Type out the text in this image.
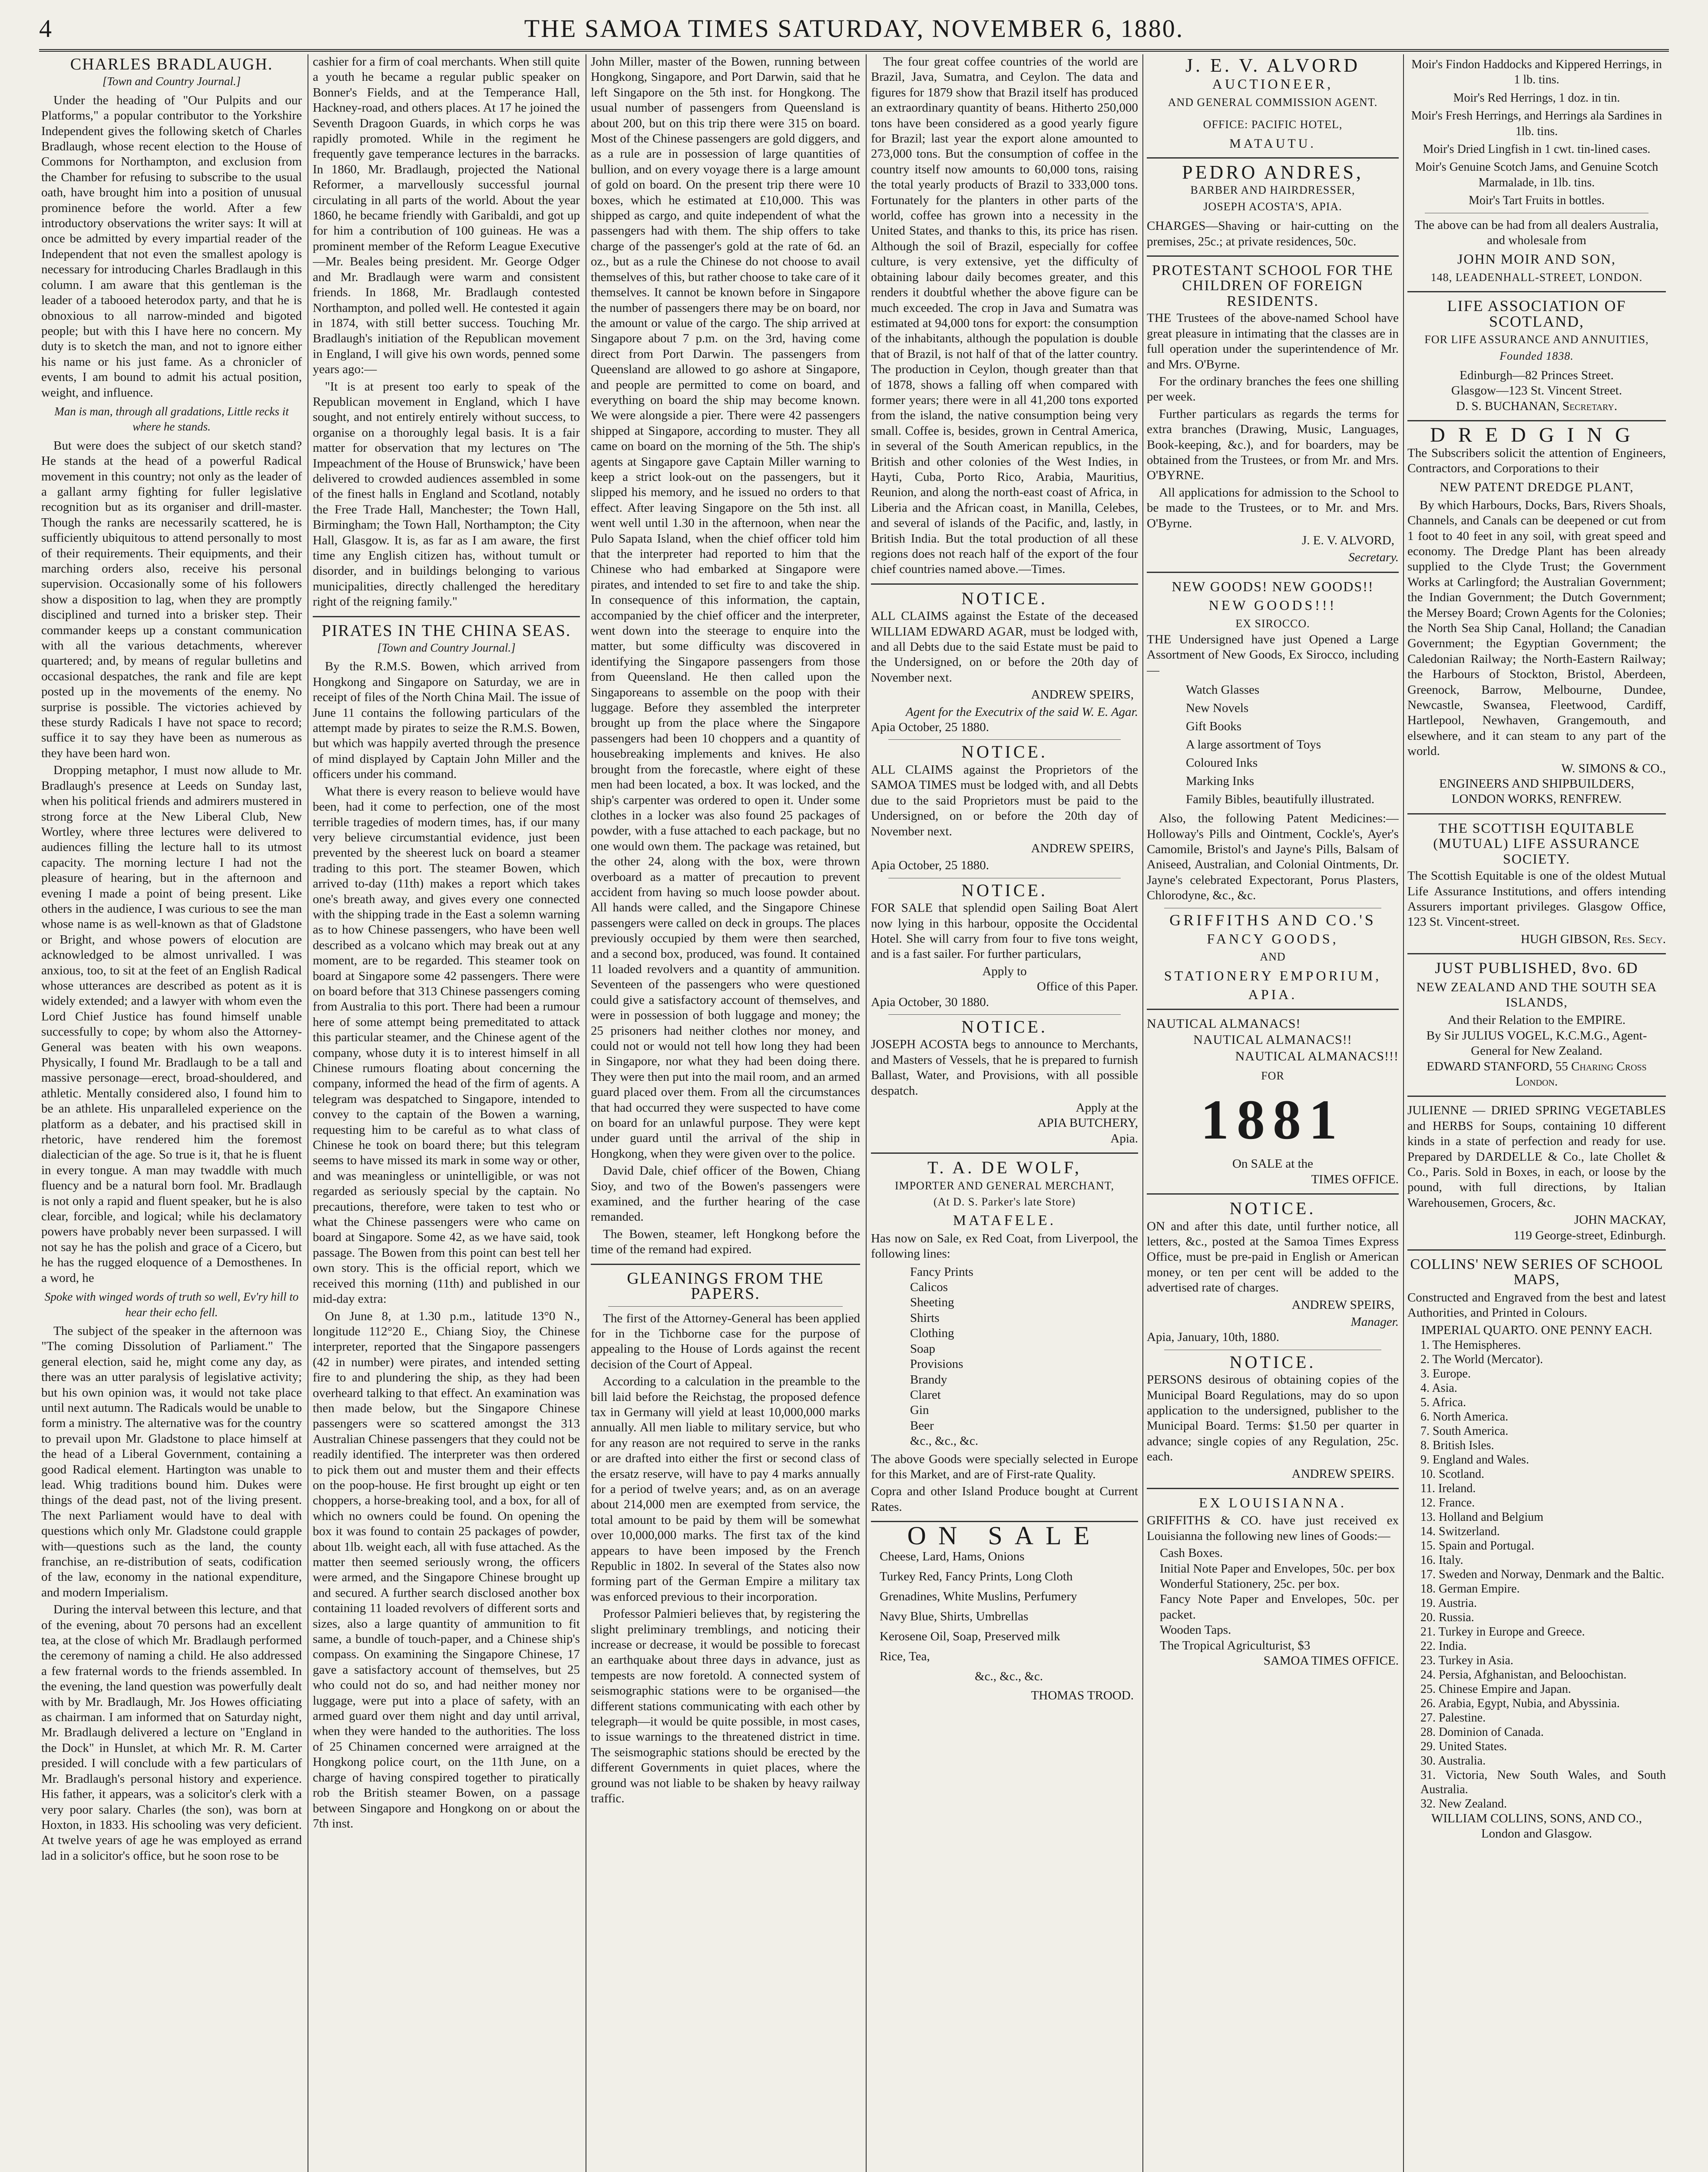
4	THE SAMOA TIMES SATURDAY, NOVEMBER 6, 1880.
CHARLES BRADLAUGH.
[Town and Country Journal.]

Under the heading of "Our Pulpits and our Platforms," a popular contributor to the Yorkshire Independent gives the following sketch of Charles Bradlaugh, whose recent election to the House of Commons for Northampton, and exclusion from the Chamber for refusing to subscribe to the usual oath, have brought him into a position of unusual prominence before the world. After a few introductory observations the writer says: It will at once be admitted by every impartial reader of the Independent that not even the smallest apology is necessary for introducing Charles Bradlaugh in this column. I am aware that this gentleman is the leader of a tabooed heterodox party, and that he is obnoxious to all narrow-minded and bigoted people; but with this I have here no concern. My duty is to sketch the man, and not to ignore either his name or his just fame. As a chronicler of events, I am bound to admit his actual position, weight, and influence.

Man is man, through all gradations, Little recks it where he stands.

But were does the subject of our sketch stand? He stands at the head of a powerful Radical movement in this country; not only as the leader of a gallant army fighting for fuller legislative recognition but as its organiser and drill-master. Though the ranks are necessarily scattered, he is sufficiently ubiquitous to attend personally to most of their requirements. Their equipments, and their marching orders also, receive his personal supervision. Occasionally some of his followers show a disposition to lag, when they are promptly disciplined and turned into a brisker step. Their commander keeps up a constant communication with all the various detachments, wherever quartered; and, by means of regular bulletins and occasional despatches, the rank and file are kept posted up in the movements of the enemy. No surprise is possible. The victories achieved by these sturdy Radicals I have not space to record; suffice it to say they have been as numerous as they have been hard won.

Dropping metaphor, I must now allude to Mr. Bradlaugh's presence at Leeds on Sunday last, when his political friends and admirers mustered in strong force at the New Liberal Club, New Wortley, where three lectures were delivered to audiences filling the lecture hall to its utmost capacity. The morning lecture I had not the pleasure of hearing, but in the afternoon and evening I made a point of being present. Like others in the audience, I was curious to see the man whose name is as well-known as that of Gladstone or Bright, and whose powers of elocution are acknowledged to be almost unrivalled. I was anxious, too, to sit at the feet of an English Radical whose utterances are described as potent as it is widely extended; and a lawyer with whom even the Lord Chief Justice has found himself unable successfully to cope; by whom also the Attorney-General was beaten with his own weapons. Physically, I found Mr. Bradlaugh to be a tall and massive personage—erect, broad-shouldered, and athletic. Mentally considered also, I found him to be an athlete. His unparalleled experience on the platform as a debater, and his practised skill in rhetoric, have rendered him the foremost dialectician of the age. So true is it, that he is fluent in every tongue. A man may twaddle with much fluency and be a natural born fool. Mr. Bradlaugh is not only a rapid and fluent speaker, but he is also clear, forcible, and logical; while his declamatory powers have probably never been surpassed. I will not say he has the polish and grace of a Cicero, but he has the rugged eloquence of a Demosthenes. In a word, he

Spoke with winged words of truth so well, Ev'ry hill to hear their echo fell.

The subject of the speaker in the afternoon was "The coming Dissolution of Parliament." The general election, said he, might come any day, as there was an utter paralysis of legislative activity; but his own opinion was, it would not take place until next autumn. The Radicals would be unable to form a ministry. The alternative was for the country to prevail upon Mr. Gladstone to place himself at the head of a Liberal Government, containing a good Radical element. Hartington was unable to lead. Whig traditions bound him. Dukes were things of the dead past, not of the living present. The next Parliament would have to deal with questions which only Mr. Gladstone could grapple with—questions such as the land, the county franchise, an re-distribution of seats, codification of the law, economy in the national expenditure, and modern Imperialism.

During the interval between this lecture, and that of the evening, about 70 persons had an excellent tea, at the close of which Mr. Bradlaugh performed the ceremony of naming a child. He also addressed a few fraternal words to the friends assembled. In the evening, the land question was powerfully dealt with by Mr. Bradlaugh, Mr. Jos Howes officiating as chairman. I am informed that on Saturday night, Mr. Bradlaugh delivered a lecture on "England in the Dock" in Hunslet, at which Mr. R. M. Carter presided. I will conclude with a few particulars of Mr. Bradlaugh's personal history and experience. His father, it appears, was a solicitor's clerk with a very poor salary. Charles (the son), was born at Hoxton, in 1833. His schooling was very deficient. At twelve years of age he was employed as errand lad in a solicitor's office, but he soon rose to be

cashier for a firm of coal merchants. When still quite a youth he became a regular public speaker on Bonner's Fields, and at the Temperance Hall, Hackney-road, and others places. At 17 he joined the Seventh Dragoon Guards, in which corps he was rapidly promoted. While in the regiment he frequently gave temperance lectures in the barracks. In 1860, Mr. Bradlaugh, projected the National Reformer, a marvellously successful journal circulating in all parts of the world. About the year 1860, he became friendly with Garibaldi, and got up for him a contribution of 100 guineas. He was a prominent member of the Reform League Executive—Mr. Beales being president. Mr. George Odger and Mr. Bradlaugh were warm and consistent friends. In 1868, Mr. Bradlaugh contested Northampton, and polled well. He contested it again in 1874, with still better success. Touching Mr. Bradlaugh's initiation of the Republican movement in England, I will give his own words, penned some years ago:—

"It is at present too early to speak of the Republican movement in England, which I have sought, and not entirely entirely without success, to organise on a thoroughly legal basis. It is a fair matter for observation that my lectures on 'The Impeachment of the House of Brunswick,' have been delivered to crowded audiences assembled in some of the finest halls in England and Scotland, notably the Free Trade Hall, Manchester; the Town Hall, Birmingham; the Town Hall, Northampton; the City Hall, Glasgow. It is, as far as I am aware, the first time any English citizen has, without tumult or disorder, and in buildings belonging to various municipalities, directly challenged the hereditary right of the reigning family."

PIRATES IN THE CHINA SEAS.
[Town and Country Journal.]

By the R.M.S. Bowen, which arrived from Hongkong and Singapore on Saturday, we are in receipt of files of the North China Mail. The issue of June 11 contains the following particulars of the attempt made by pirates to seize the R.M.S. Bowen, but which was happily averted through the presence of mind displayed by Captain John Miller and the officers under his command.

What there is every reason to believe would have been, had it come to perfection, one of the most terrible tragedies of modern times, has, if our many very believe circumstantial evidence, just been prevented by the sheerest luck on board a steamer trading to this port. The steamer Bowen, which arrived to-day (11th) makes a report which takes one's breath away, and gives every one connected with the shipping trade in the East a solemn warning as to how Chinese passengers, who have been well described as a volcano which may break out at any moment, are to be regarded. This steamer took on board at Singapore some 42 passengers. There were on board before that 313 Chinese passengers coming from Australia to this port. There had been a rumour here of some attempt being premeditated to attack this particular steamer, and the Chinese agent of the company, whose duty it is to interest himself in all Chinese rumours floating about concerning the company, informed the head of the firm of agents. A telegram was despatched to Singapore, intended to convey to the captain of the Bowen a warning, requesting him to be careful as to what class of Chinese he took on board there; but this telegram seems to have missed its mark in some way or other, and was meaningless or unintelligible, or was not regarded as seriously special by the captain. No precautions, therefore, were taken to test who or what the Chinese passengers were who came on board at Singapore. Some 42, as we have said, took passage. The Bowen from this point can best tell her own story. This is the official report, which we received this morning (11th) and published in our mid-day extra:

On June 8, at 1.30 p.m., latitude 13°0 N., longitude 112°20 E., Chiang Sioy, the Chinese interpreter, reported that the Singapore passengers (42 in number) were pirates, and intended setting fire to and plundering the ship, as they had been overheard talking to that effect. An examination was then made below, but the Singapore Chinese passengers were so scattered amongst the 313 Australian Chinese passengers that they could not be readily identified. The interpreter was then ordered to pick them out and muster them and their effects on the poop-house. He first brought up eight or ten choppers, a horse-breaking tool, and a box, for all of which no owners could be found. On opening the box it was found to contain 25 packages of powder, about 1lb. weight each, all with fuse attached. As the matter then seemed seriously wrong, the officers were armed, and the Singapore Chinese brought up and secured. A further search disclosed another box containing 11 loaded revolvers of different sorts and sizes, also a large quantity of ammunition to fit same, a bundle of touch-paper, and a Chinese ship's compass. On examining the Singapore Chinese, 17 gave a satisfactory account of themselves, but 25 who could not do so, and had neither money nor luggage, were put into a place of safety, with an armed guard over them night and day until arrival, when they were handed to the authorities. The loss of 25 Chinamen concerned were arraigned at the Hongkong police court, on the 11th June, on a charge of having conspired together to piratically rob the British steamer Bowen, on a passage between Singapore and Hongkong on or about the 7th inst.

John Miller, master of the Bowen, running between Hongkong, Singapore, and Port Darwin, said that he left Singapore on the 5th inst. for Hongkong. The usual number of passengers from Queensland is about 200, but on this trip there were 315 on board. Most of the Chinese passengers are gold diggers, and as a rule are in possession of large quantities of bullion, and on every voyage there is a large amount of gold on board. On the present trip there were 10 boxes, which he estimated at £10,000. This was shipped as cargo, and quite independent of what the passengers had with them. The ship offers to take charge of the passenger's gold at the rate of 6d. an oz., but as a rule the Chinese do not choose to avail themselves of this, but rather choose to take care of it themselves. It cannot be known before in Singapore the number of passengers there may be on board, nor the amount or value of the cargo. The ship arrived at Singapore about 7 p.m. on the 3rd, having come direct from Port Darwin. The passengers from Queensland are allowed to go ashore at Singapore, and people are permitted to come on board, and everything on board the ship may become known. We were alongside a pier. There were 42 passengers shipped at Singapore, according to muster. They all came on board on the morning of the 5th. The ship's agents at Singapore gave Captain Miller warning to keep a strict look-out on the passengers, but it slipped his memory, and he issued no orders to that effect. After leaving Singapore on the 5th inst. all went well until 1.30 in the afternoon, when near the Pulo Sapata Island, when the chief officer told him that the interpreter had reported to him that the Chinese who had embarked at Singapore were pirates, and intended to set fire to and take the ship. In consequence of this information, the captain, accompanied by the chief officer and the interpreter, went down into the steerage to enquire into the matter, but some difficulty was discovered in identifying the Singapore passengers from those from Queensland. He then called upon the Singaporeans to assemble on the poop with their luggage. Before they assembled the interpreter brought up from the place where the Singapore passengers had been 10 choppers and a quantity of housebreaking implements and knives. He also brought from the forecastle, where eight of these men had been located, a box. It was locked, and the ship's carpenter was ordered to open it. Under some clothes in a locker was also found 25 packages of powder, with a fuse attached to each package, but no one would own them. The package was retained, but the other 24, along with the box, were thrown overboard as a matter of precaution to prevent accident from having so much loose powder about. All hands were called, and the Singapore Chinese passengers were called on deck in groups. The places previously occupied by them were then searched, and a second box, produced, was found. It contained 11 loaded revolvers and a quantity of ammunition. Seventeen of the passengers who were questioned could give a satisfactory account of themselves, and were in possession of both luggage and money; the 25 prisoners had neither clothes nor money, and could not or would not tell how long they had been in Singapore, nor what they had been doing there. They were then put into the mail room, and an armed guard placed over them. From all the circumstances that had occurred they were suspected to have come on board for an unlawful purpose. They were kept under guard until the arrival of the ship in Hongkong, when they were given over to the police.

David Dale, chief officer of the Bowen, Chiang Sioy, and two of the Bowen's passengers were examined, and the further hearing of the case remanded.

The Bowen, steamer, left Hongkong before the time of the remand had expired.

GLEANINGS FROM THE PAPERS.

The first of the Attorney-General has been applied for in the Tichborne case for the purpose of appealing to the House of Lords against the recent decision of the Court of Appeal.

According to a calculation in the preamble to the bill laid before the Reichstag, the proposed defence tax in Germany will yield at least 10,000,000 marks annually. All men liable to military service, but who for any reason are not required to serve in the ranks or are drafted into either the first or second class of the ersatz reserve, will have to pay 4 marks annually for a period of twelve years; and, as on an average about 214,000 men are exempted from service, the total amount to be paid by them will be somewhat over 10,000,000 marks. The first tax of the kind appears to have been imposed by the French Republic in 1802. In several of the States also now forming part of the German Empire a military tax was enforced previous to their incorporation.

Professor Palmieri believes that, by registering the slight preliminary tremblings, and noticing their increase or decrease, it would be possible to forecast an earthquake about three days in advance, just as tempests are now foretold. A connected system of seismographic stations were to be organised—the different stations communicating with each other by telegraph—it would be quite possible, in most cases, to issue warnings to the threatened district in time. The seismographic stations should be erected by the different Governments in quiet places, where the ground was not liable to be shaken by heavy railway traffic.

The four great coffee countries of the world are Brazil, Java, Sumatra, and Ceylon. The data and figures for 1879 show that Brazil itself has produced an extraordinary quantity of beans. Hitherto 250,000 tons have been considered as a good yearly figure for Brazil; last year the export alone amounted to 273,000 tons. But the consumption of coffee in the country itself now amounts to 60,000 tons, raising the total yearly products of Brazil to 333,000 tons. Fortunately for the planters in other parts of the world, coffee has grown into a necessity in the United States, and thanks to this, its price has risen. Although the soil of Brazil, especially for coffee culture, is very extensive, yet the difficulty of obtaining labour daily becomes greater, and this renders it doubtful whether the above figure can be much exceeded. The crop in Java and Sumatra was estimated at 94,000 tons for export: the consumption of the inhabitants, although the population is double that of Brazil, is not half of that of the latter country. The production in Ceylon, though greater than that of 1878, shows a falling off when compared with former years; there were in all 41,200 tons exported from the island, the native consumption being very small. Coffee is, besides, grown in Central America, in several of the South American republics, in the British and other colonies of the West Indies, in Hayti, Cuba, Porto Rico, Arabia, Mauritius, Reunion, and along the north-east coast of Africa, in Liberia and the African coast, in Manilla, Celebes, and several of islands of the Pacific, and, lastly, in British India. But the total production of all these regions does not reach half of the export of the four chief countries named above.—Times.

NOTICE.

ALL CLAIMS against the Estate of the deceased WILLIAM EDWARD AGAR, must be lodged with, and all Debts due to the said Estate must be paid to the Undersigned, on or before the 20th day of November next.

ANDREW SPEIRS,
Agent for the Executrix of the said W. E. Agar.
Apia October, 25 1880.
NOTICE.

ALL CLAIMS against the Proprietors of the SAMOA TIMES must be lodged with, and all Debts due to the said Proprietors must be paid to the Undersigned, on or before the 20th day of November next.

ANDREW SPEIRS,
Apia October, 25 1880.
NOTICE.

FOR SALE that splendid open Sailing Boat Alert now lying in this harbour, opposite the Occidental Hotel. She will carry from four to five tons weight, and is a fast sailer. For further particulars,

Apply to
Office of this Paper.
Apia October, 30 1880.
NOTICE.

JOSEPH ACOSTA begs to announce to Merchants, and Masters of Vessels, that he is prepared to furnish Ballast, Water, and Provisions, with all possible despatch.

Apply at the
APIA BUTCHERY,
Apia.
T. A. DE WOLF,
IMPORTER AND GENERAL MERCHANT,
(At D. S. Parker's late Store)
MATAFELE.

Has now on Sale, ex Red Coat, from Liverpool, the following lines:

Fancy Prints
Calicos
Sheeting
Shirts
Clothing
Soap
Provisions
Brandy
Claret
Gin
Beer
&c., &c., &c.

The above Goods were specially selected in Europe for this Market, and are of First-rate Quality.

Copra and other Island Produce bought at Current Rates.

ON SALE
Cheese, Lard, Hams, Onions
Turkey Red, Fancy Prints, Long Cloth
Grenadines, White Muslins, Perfumery
Navy Blue, Shirts, Umbrellas
Kerosene Oil, Soap, Preserved milk
Rice, Tea,
&c., &c., &c.
THOMAS TROOD.
J. E. V. ALVORD
AUCTIONEER,
AND GENERAL COMMISSION AGENT.
OFFICE: PACIFIC HOTEL,
MATAUTU.
PEDRO ANDRES,
BARBER AND HAIRDRESSER,
JOSEPH ACOSTA'S, APIA.

CHARGES—Shaving or hair-cutting on the premises, 25c.; at private residences, 50c.

PROTESTANT SCHOOL FOR THE CHILDREN OF FOREIGN RESIDENTS.

THE Trustees of the above-named School have great pleasure in intimating that the classes are in full operation under the superintendence of Mr. and Mrs. O'Byrne.

For the ordinary branches the fees one shilling per week.

Further particulars as regards the terms for extra branches (Drawing, Music, Languages, Book-keeping, &c.), and for boarders, may be obtained from the Trustees, or from Mr. and Mrs. O'BYRNE.

All applications for admission to the School to be made to the Trustees, or to Mr. and Mrs. O'Byrne.

J. E. V. ALVORD,
Secretary.
NEW GOODS! NEW GOODS!!
NEW GOODS!!!
EX SIROCCO.

THE Undersigned have just Opened a Large Assortment of New Goods, Ex Sirocco, including—

Watch Glasses
New Novels
Gift Books
A large assortment of Toys
Coloured Inks
Marking Inks
Family Bibles, beautifully illustrated.

Also, the following Patent Medicines:—Holloway's Pills and Ointment, Cockle's, Ayer's Camomile, Bristol's and Jayne's Pills, Balsam of Aniseed, Australian, and Colonial Ointments, Dr. Jayne's celebrated Expectorant, Porus Plasters, Chlorodyne, &c., &c.

GRIFFITHS AND CO.'S
FANCY GOODS,
AND
STATIONERY EMPORIUM,
APIA.
NAUTICAL ALMANACS!
NAUTICAL ALMANACS!!
NAUTICAL ALMANACS!!!
FOR
1881
On SALE at the
TIMES OFFICE.
NOTICE.

ON and after this date, until further notice, all letters, &c., posted at the Samoa Times Express Office, must be pre-paid in English or American money, or ten per cent will be added to the advertised rate of charges.

ANDREW SPEIRS,
Manager.
Apia, January, 10th, 1880.
NOTICE.

PERSONS desirous of obtaining copies of the Municipal Board Regulations, may do so upon application to the undersigned, publisher to the Municipal Board. Terms: $1.50 per quarter in advance; single copies of any Regulation, 25c. each.

ANDREW SPEIRS.
EX LOUISIANNA.

GRIFFITHS & CO. have just received ex Louisianna the following new lines of Goods:—

Cash Boxes.
Initial Note Paper and Envelopes, 50c. per box
Wonderful Stationery, 25c. per box.
Fancy Note Paper and Envelopes, 50c. per packet.
Wooden Taps.
The Tropical Agriculturist, $3
SAMOA TIMES OFFICE.
Moir's Findon Haddocks and Kippered Herrings, in 1 lb. tins.
Moir's Red Herrings, 1 doz. in tin.
Moir's Fresh Herrings, and Herrings ala Sardines in 1lb. tins.
Moir's Dried Lingfish in 1 cwt. tin-lined cases.
Moir's Genuine Scotch Jams, and Genuine Scotch Marmalade, in 1lb. tins.
Moir's Tart Fruits in bottles.

The above can be had from all dealers Australia, and wholesale from

JOHN MOIR AND SON,
148, LEADENHALL-STREET, LONDON.
LIFE ASSOCIATION OF SCOTLAND,
FOR LIFE ASSURANCE AND ANNUITIES,
Founded 1838.
Edinburgh—82 Princes Street.
Glasgow—123 St. Vincent Street.
D. S. BUCHANAN, Secretary.
DREDGING

The Subscribers solicit the attention of Engineers, Contractors, and Corporations to their

NEW PATENT DREDGE PLANT,

By which Harbours, Docks, Bars, Rivers Shoals, Channels, and Canals can be deepened or cut from 1 foot to 40 feet in any soil, with great speed and economy. The Dredge Plant has been already supplied to the Clyde Trust; the Government Works at Carlingford; the Australian Government; the Indian Government; the Dutch Government; the Mersey Board; Crown Agents for the Colonies; the North Sea Ship Canal, Holland; the Canadian Government; the Egyptian Government; the Caledonian Railway; the North-Eastern Railway; the Harbours of Stockton, Bristol, Aberdeen, Greenock, Barrow, Melbourne, Dundee, Newcastle, Swansea, Fleetwood, Cardiff, Hartlepool, Newhaven, Grangemouth, and elsewhere, and it can steam to any part of the world.

W. SIMONS & CO.,
ENGINEERS AND SHIPBUILDERS,
LONDON WORKS, RENFREW.
THE SCOTTISH EQUITABLE (MUTUAL) LIFE ASSURANCE SOCIETY.

The Scottish Equitable is one of the oldest Mutual Life Assurance Institutions, and offers intending Assurers important privileges. Glasgow Office, 123 St. Vincent-street.

HUGH GIBSON, Res. Secy.
JUST PUBLISHED, 8vo. 6D
NEW ZEALAND AND THE SOUTH SEA ISLANDS,
And their Relation to the EMPIRE.
By Sir JULIUS VOGEL, K.C.M.G., Agent-General for New Zealand.
EDWARD STANFORD, 55 Charing Cross London.

JULIENNE — DRIED SPRING VEGETABLES and HERBS for Soups, containing 10 different kinds in a state of perfection and ready for use. Prepared by DARDELLE & Co., late Chollet & Co., Paris. Sold in Boxes, in each, or loose by the pound, with full directions, by Italian Warehousemen, Grocers, &c.

JOHN MACKAY,
119 George-street, Edinburgh.
COLLINS' NEW SERIES OF SCHOOL MAPS,

Constructed and Engraved from the best and latest Authorities, and Printed in Colours.

IMPERIAL QUARTO. ONE PENNY EACH.
1. The Hemispheres.
2. The World (Mercator).
3. Europe.
4. Asia.
5. Africa.
6. North America.
7. South America.
8. British Isles.
9. England and Wales.
10. Scotland.
11. Ireland.
12. France.
13. Holland and Belgium
14. Switzerland.
15. Spain and Portugal.
16. Italy.
17. Sweden and Norway, Denmark and the Baltic.
18. German Empire.
19. Austria.
20. Russia.
21. Turkey in Europe and Greece.
22. India.
23. Turkey in Asia.
24. Persia, Afghanistan, and Beloochistan.
25. Chinese Empire and Japan.
26. Arabia, Egypt, Nubia, and Abyssinia.
27. Palestine.
28. Dominion of Canada.
29. United States.
30. Australia.
31. Victoria, New South Wales, and South Australia.
32. New Zealand.
WILLIAM COLLINS, SONS, AND CO.,
London and Glasgow.
